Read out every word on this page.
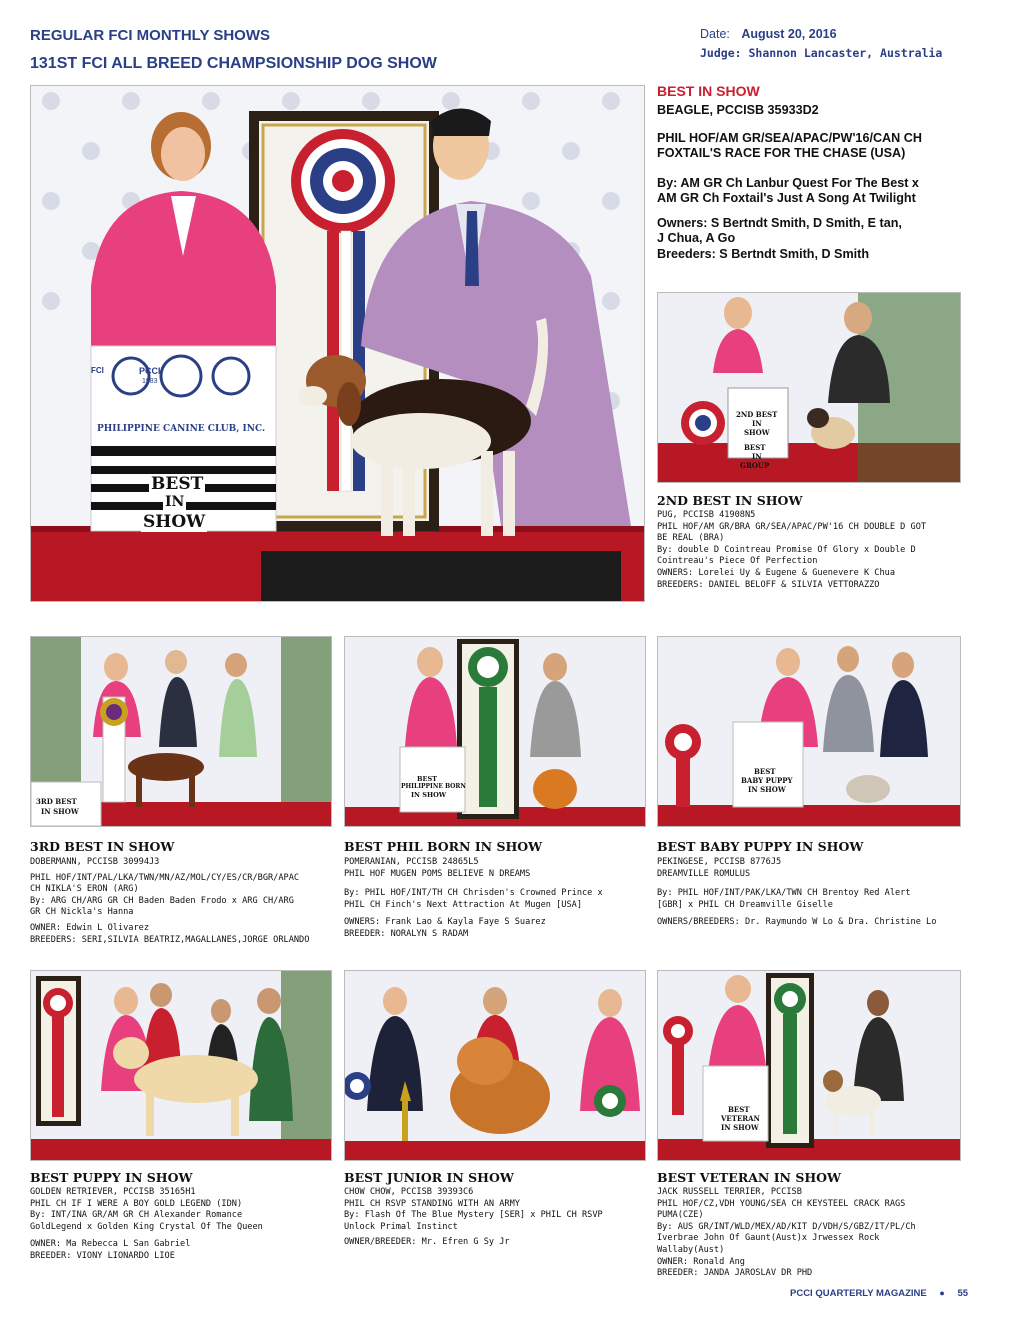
REGULAR FCI MONTHLY SHOWS
131ST FCI ALL BREED CHAMPSIONSHIP DOG SHOW
Date: August 20, 2016
Judge: Shannon Lancaster, Australia
PHILIPPINE CANINE CLUB, INC.
BEST
IN
SHOW
FCI	PCCI
1983
BEST IN SHOW
BEAGLE, PCCISB 35933D2
PHIL HOF/AM GR/SEA/APAC/PW'16/CAN CH
FOXTAIL'S RACE FOR THE CHASE (USA)
By: AM GR Ch Lanbur Quest For The Best x
AM GR Ch Foxtail's Just A Song At Twilight
Owners: S Bertndt Smith, D Smith, E tan,
J Chua, A Go
Breeders: S Bertndt Smith, D Smith
2ND BEST
IN
SHOW
BEST
IN
GROUP
2ND BEST IN SHOW
PUG, PCCISB 41908N5
PHIL HOF/AM GR/BRA GR/SEA/APAC/PW'16 CH DOUBLE D GOT
BE REAL (BRA)
By: double D Cointreau Promise Of Glory x Double D
Cointreau's Piece Of Perfection
OWNERS: Lorelei Uy & Eugene & Guenevere K Chua
BREEDERS: DANIEL BELOFF & SILVIA VETTORAZZO
3RD BEST
IN SHOW
BEST
PHILIPPINE BORN
IN SHOW
BEST
BABY PUPPY
IN SHOW
3RD BEST IN SHOW
DOBERMANN, PCCISB 30994J3
PHIL HOF/INT/PAL/LKA/TWN/MN/AZ/MOL/CY/ES/CR/BGR/APAC
CH NIKLA'S ERON (ARG)
By: ARG CH/ARG GR CH Baden Baden Frodo x ARG CH/ARG
GR CH Nickla's Hanna
OWNER: Edwin L Olivarez
BREEDERS: SERI,SILVIA BEATRIZ,MAGALLANES,JORGE ORLANDO
BEST PHIL BORN IN SHOW
POMERANIAN, PCCISB 24865L5
PHIL HOF MUGEN POMS BELIEVE N DREAMS
By: PHIL HOF/INT/TH CH Chrisden's Crowned Prince x
PHIL CH Finch's Next Attraction At Mugen [USA]
OWNERS: Frank Lao & Kayla Faye S Suarez
BREEDER: NORALYN S RADAM
BEST BABY PUPPY IN SHOW
PEKINGESE, PCCISB 8776J5
DREAMVILLE ROMULUS
By: PHIL HOF/INT/PAK/LKA/TWN CH Brentoy Red Alert
[GBR] x PHIL CH Dreamville Giselle
OWNERS/BREEDERS: Dr. Raymundo W Lo & Dra. Christine Lo
BEST
VETERAN
IN SHOW
BEST PUPPY IN SHOW
GOLDEN RETRIEVER, PCCISB 35165H1
PHIL CH IF I WERE A BOY GOLD LEGEND (IDN)
By: INT/INA GR/AM GR CH Alexander Romance
GoldLegend x Golden King Crystal Of The Queen
OWNER: Ma Rebecca L San Gabriel
BREEDER: VIONY LIONARDO LIOE
BEST JUNIOR IN SHOW
CHOW CHOW, PCCISB 39393C6
PHIL CH RSVP STANDING WITH AN ARMY
By: Flash Of The Blue Mystery [SER] x PHIL CH RSVP
Unlock Primal Instinct
OWNER/BREEDER: Mr. Efren G Sy Jr
BEST VETERAN IN SHOW
JACK RUSSELL TERRIER, PCCISB
PHIL HOF/CZ,VDH YOUNG/SEA CH KEYSTEEL CRACK RAGS
PUMA(CZE)
By: AUS GR/INT/WLD/MEX/AD/KIT D/VDH/S/GBZ/IT/PL/Ch
Iverbrae John Of Gaunt(Aust)x Jrwessex Rock
Wallaby(Aust)
OWNER: Ronald Ang
BREEDER: JANDA JAROSLAV DR PHD
PCCI QUARTERLY MAGAZINE ● 55
